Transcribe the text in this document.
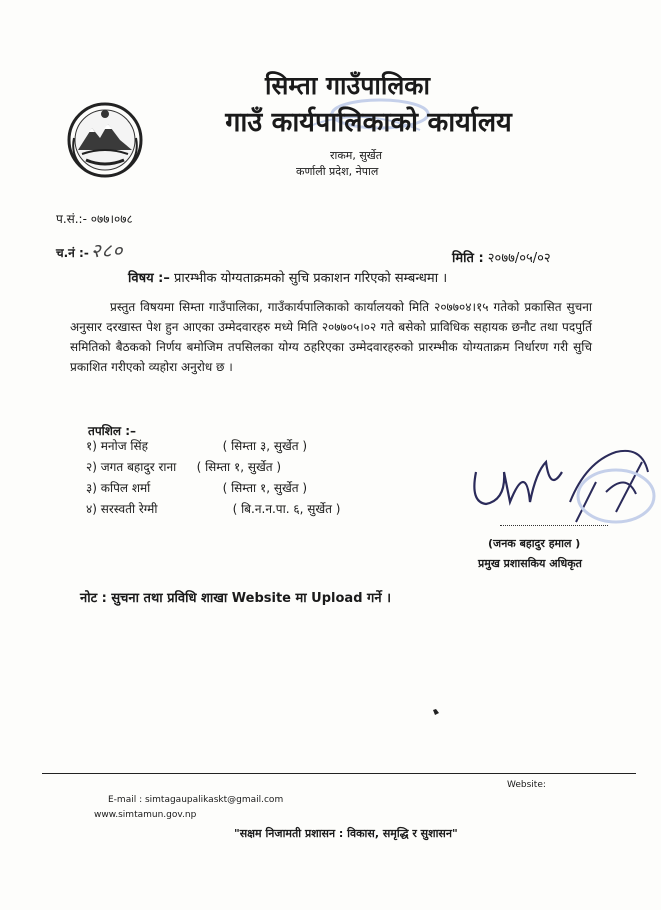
सिम्ता गाउँपालिका
गाउँ कार्यपालिकाको कार्यालय
राकम, सुर्खेत
कर्णाली प्रदेश, नेपाल
प.सं.:- ०७७।०७८
च.नं :- २८०	मिति : २०७७/०५/०२
विषय :– प्रारम्भीक योग्यताक्रमको सुचि प्रकाशन गरिएको सम्बन्धमा ।

प्रस्तुत विषयमा सिम्ता गाउँपालिका, गाउँकार्यपालिकाको कार्यालयको मिति २०७७०४।१५ गतेको प्रकासित सुचना अनुसार दरखास्त पेश हुन आएका उम्मेदवारहरु मध्ये मिति २०७७०५।०२ गते बसेको प्राविधिक सहायक छनौट तथा पदपुर्ति समितिको बैठकको निर्णय बमोजिम तपसिलका योग्य ठहरिएका उम्मेदवारहरुको प्रारम्भीक योग्यताक्रम निर्धारण गरी सुचि प्रकाशित गरीएको व्यहोरा अनुरोध छ ।

तपशिल :–
१) मनोज सिंह	( सिम्ता ३, सुर्खेत )
२) जगत बहादुर राना ( सिम्ता १, सुर्खेत )
३) कपिल शर्मा	( सिम्ता १, सुर्खेत )
४) सरस्वती रेग्मी	( बि.न.न.पा. ६, सुर्खेत )
(जनक बहादुर हमाल )
प्रमुख प्रशासकिय अधिकृत
नोट : सुचना तथा प्रविधि शाखा Website मा Upload गर्ने ।
Website:
E-mail : simtagaupalikaskt@gmail.com
www.simtamun.gov.np
"सक्षम निजामती प्रशासन : विकास, समृद्धि र सुशासन"
